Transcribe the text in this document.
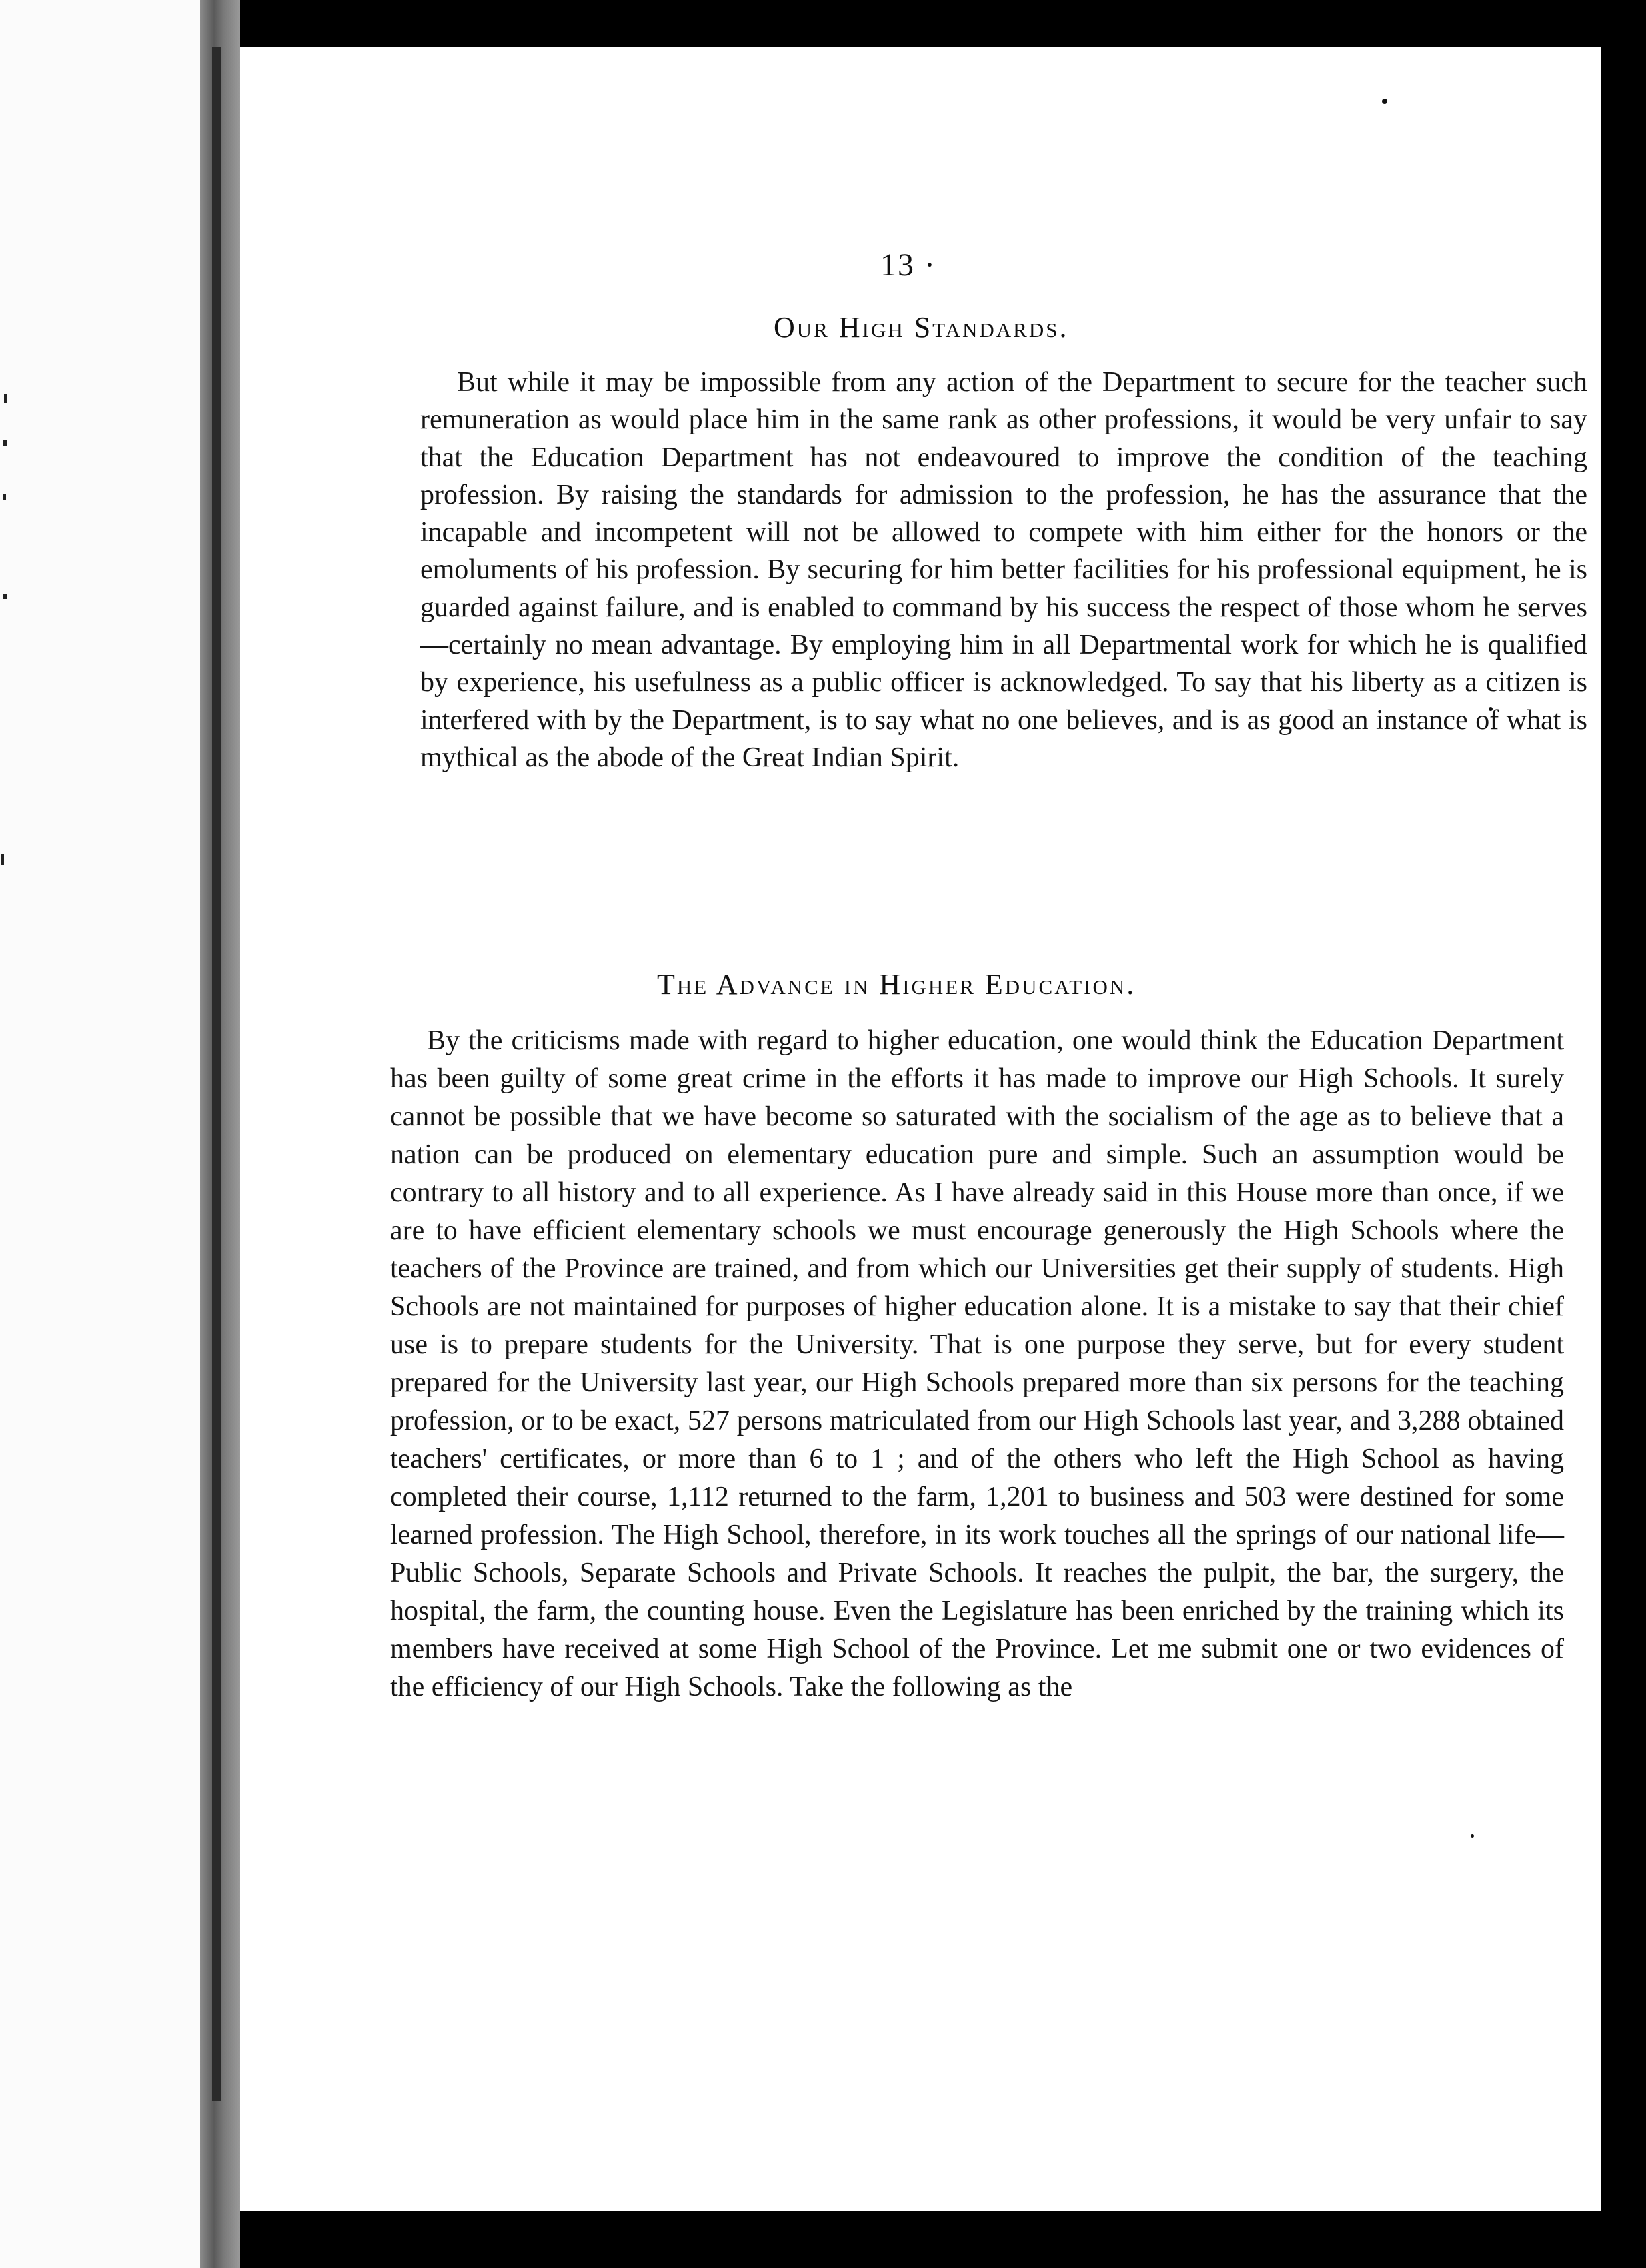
13 ·
Our High Standards.
But while it may be impossible from any action of the Department to secure for the teacher such remuneration as would place him in the same rank as other professions, it would be very unfair to say that the Education Department has not endeavoured to improve the condition of the teaching profession. By raising the standards for admission to the profession, he has the assurance that the incapable and incompetent will not be allowed to compete with him either for the honors or the emoluments of his profession. By securing for him better facilities for his professional equipment, he is guarded against failure, and is enabled to command by his success the respect of those whom he serves—certainly no mean advantage. By employing him in all Departmental work for which he is qualified by experience, his usefulness as a public officer is acknowledged. To say that his liberty as a citizen is interfered with by the Department, is to say what no one believes, and is as good an instance of what is mythical as the abode of the Great Indian Spirit.
The Advance in Higher Education.
By the criticisms made with regard to higher education, one would think the Education Department has been guilty of some great crime in the efforts it has made to improve our High Schools. It surely cannot be possible that we have become so saturated with the socialism of the age as to believe that a nation can be produced on elementary education pure and simple. Such an assumption would be contrary to all history and to all experience. As I have already said in this House more than once, if we are to have efficient elementary schools we must encourage generously the High Schools where the teachers of the Province are trained, and from which our Universities get their supply of students. High Schools are not maintained for purposes of higher education alone. It is a mistake to say that their chief use is to prepare students for the University. That is one purpose they serve, but for every student prepared for the University last year, our High Schools prepared more than six persons for the teaching profession, or to be exact, 527 persons matriculated from our High Schools last year, and 3,288 obtained teachers' certificates, or more than 6 to 1 ; and of the others who left the High School as having completed their course, 1,112 returned to the farm, 1,201 to business and 503 were destined for some learned profession. The High School, therefore, in its work touches all the springs of our national life—Public Schools, Separate Schools and Private Schools. It reaches the pulpit, the bar, the surgery, the hospital, the farm, the counting house. Even the Legislature has been enriched by the training which its members have received at some High School of the Province. Let me submit one or two evidences of the efficiency of our High Schools. Take the following as the
